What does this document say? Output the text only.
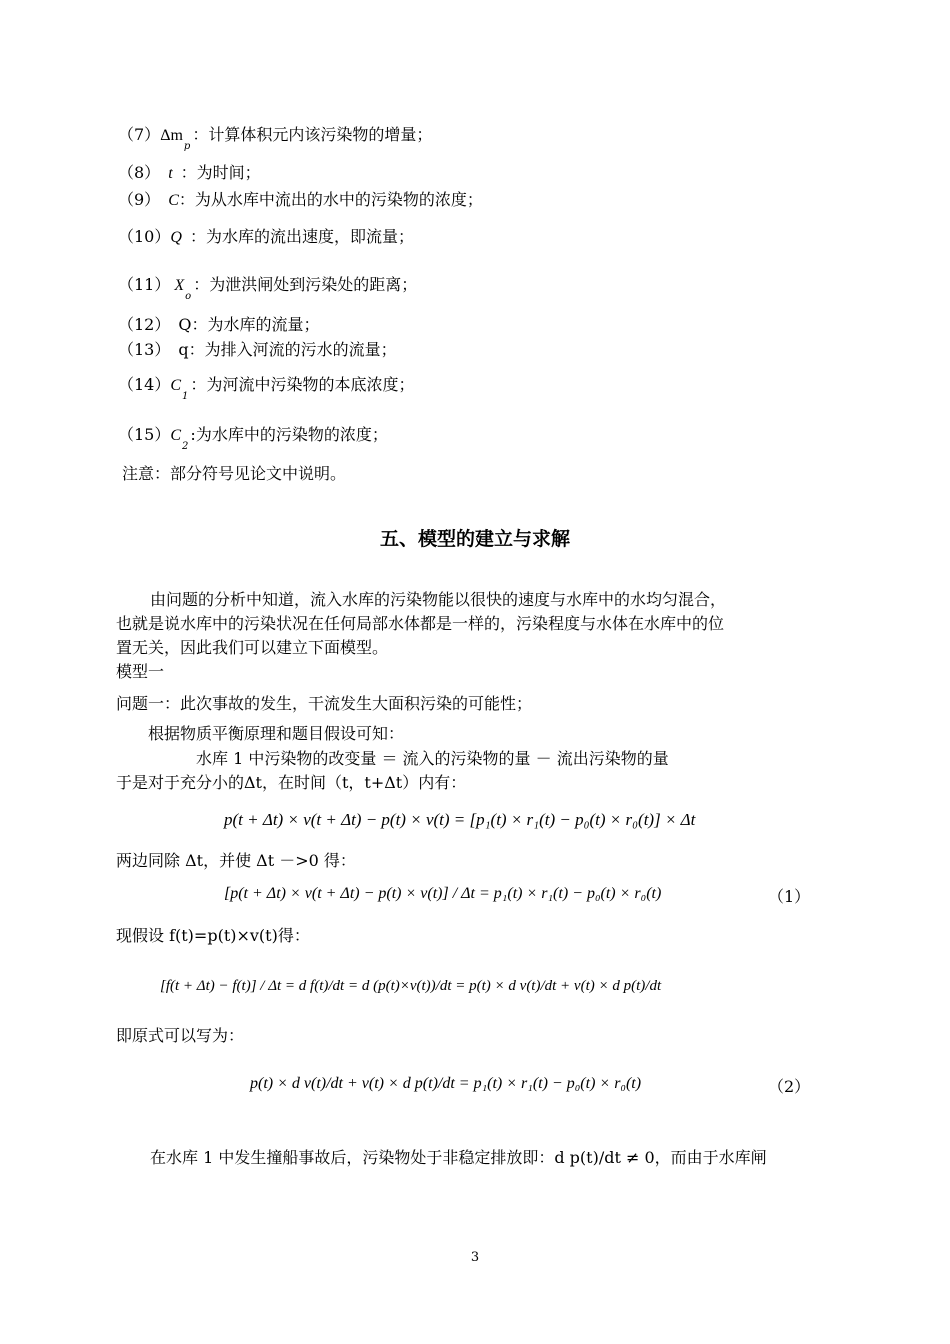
$(7)\Delta m_p$：计算体积元内该污染物的增量；
（8） t ：为时间；
（9） C：为从水库中流出的水中的污染物的浓度；
（10）Q ：为水库的流出速度，即流量；
（11） $X_o$：为泄洪闸处到污染处的距离；
（12） Q：为水库的流量；
（13） q：为排入河流的污水的流量；
$(14)C_1$：为河流中污染物的本底浓度；
$(15)C_2$:为水库中的污染物的浓度；
注意：部分符号见论文中说明。
五、模型的建立与求解
由问题的分析中知道，流入水库的污染物能以很快的速度与水库中的水均匀混合，
也就是说水库中的污染状况在任何局部水体都是一样的，污染程度与水体在水库中的位
置无关，因此我们可以建立下面模型。
模型一
问题一：此次事故的发生，干流发生大面积污染的可能性；
根据物质平衡原理和题目假设可知：
水库 1 中污染物的改变量 ＝ 流入的污染物的量 － 流出污染物的量
于是对于充分小的Δt，在时间（t，t+Δt）内有：
p(t + Δt) × v(t + Δt) − p(t) × v(t) = [p₁(t) × r₁(t) − p₀(t) × r₀(t)] × Δt
两边同除 Δt，并使 Δt －>0 得：
[p(t + Δt) × v(t + Δt) − p(t) × v(t)] / Δt = p₁(t) × r₁(t) − p₀(t) × r₀(t)	（1）
现假设 f(t)=p(t)×v(t)得：
[f(t + Δt) − f(t)] / Δt = d f(t)/dt = d (p(t)×v(t))/dt = p(t) × d v(t)/dt + v(t) × d p(t)/dt
即原式可以写为：
p(t) × d v(t)/dt + v(t) × d p(t)/dt = p₁(t) × r₁(t) − p₀(t) × r₀(t)	（2）
在水库 1 中发生撞船事故后，污染物处于非稳定排放即：d p(t)/dt ≠ 0，而由于水库闸
3
